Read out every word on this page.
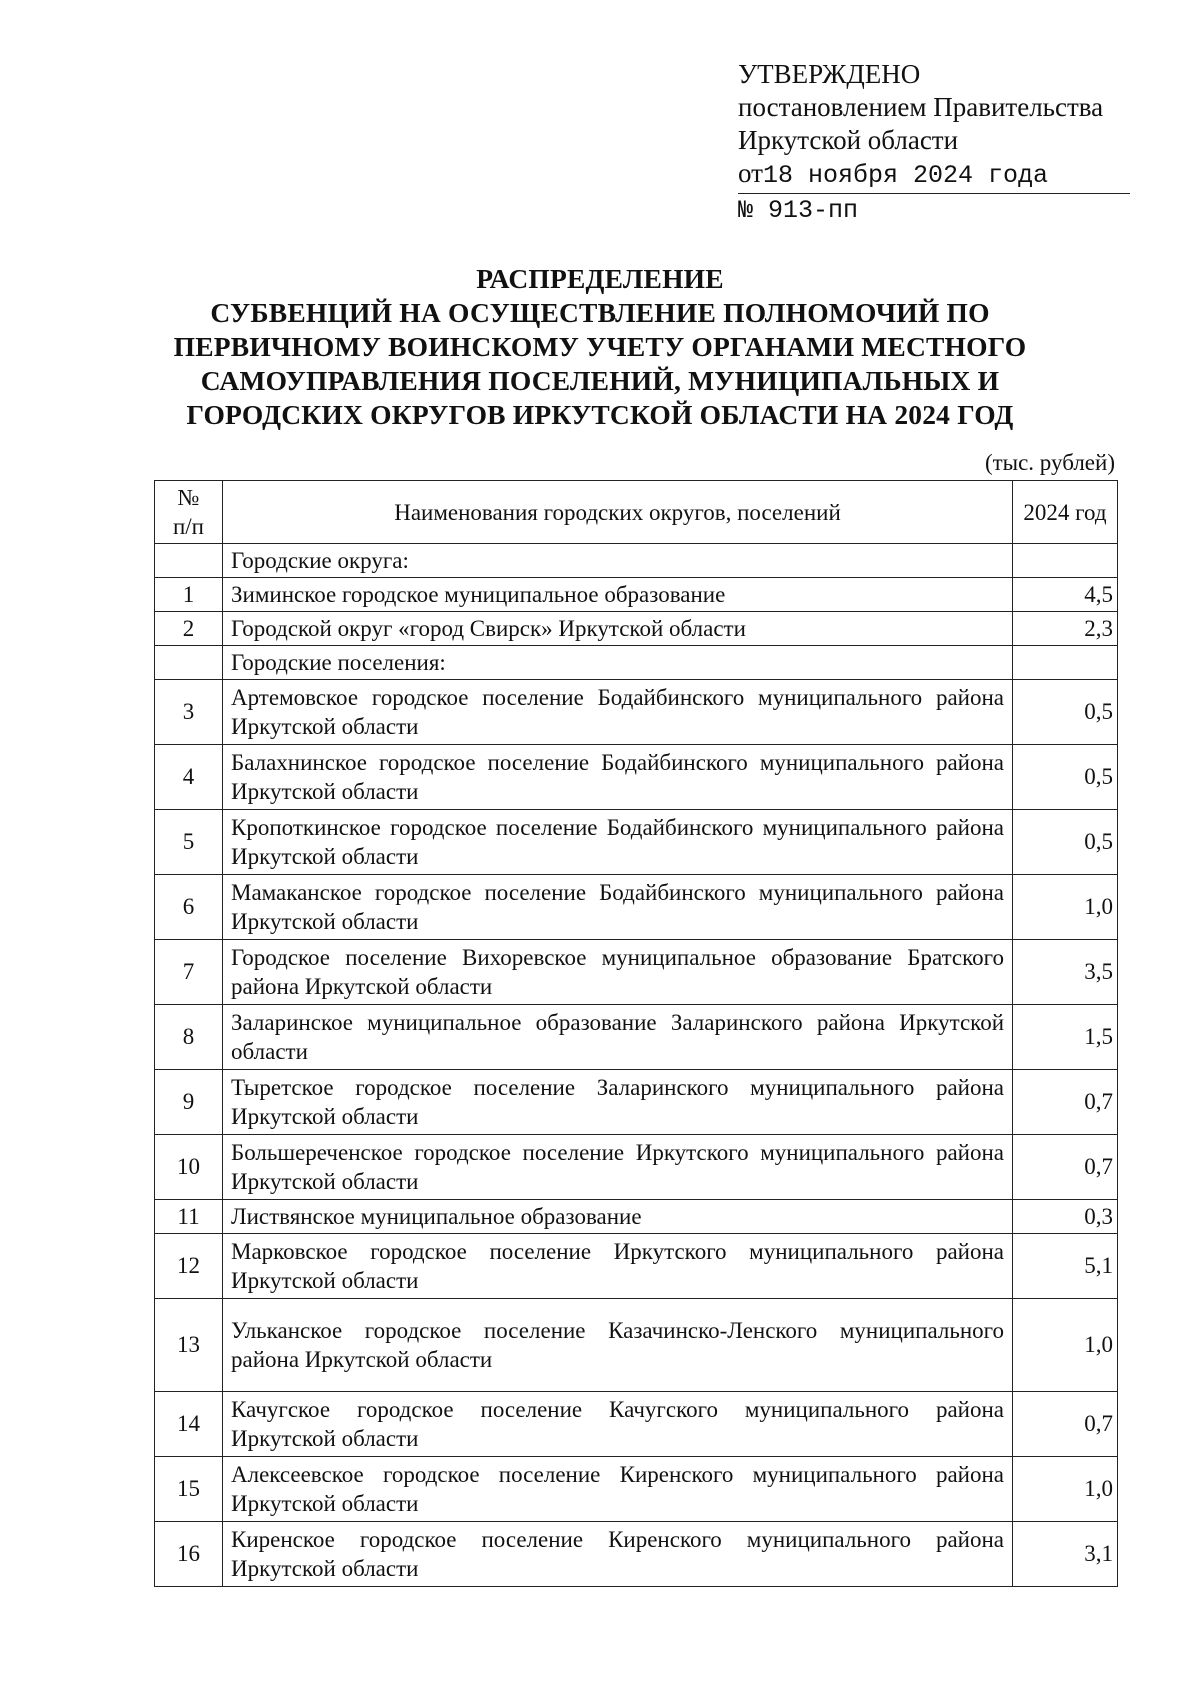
УТВЕРЖДЕНО
постановлением Правительства
Иркутской области
от18 ноября 2024 года
№ 913-пп
РАСПРЕДЕЛЕНИЕ
СУБВЕНЦИЙ НА ОСУЩЕСТВЛЕНИЕ ПОЛНОМОЧИЙ ПО
ПЕРВИЧНОМУ ВОИНСКОМУ УЧЕТУ ОРГАНАМИ МЕСТНОГО
САМОУПРАВЛЕНИЯ ПОСЕЛЕНИЙ, МУНИЦИПАЛЬНЫХ И
ГОРОДСКИХ ОКРУГОВ ИРКУТСКОЙ ОБЛАСТИ НА 2024 ГОД
(тыс. рублей)
№
п/п	Наименования городских округов, поселений	2024 год
	Городские округа:	
1	Зиминское городское муниципальное образование	4,5
2	Городской округ «город Свирск» Иркутской области	2,3
	Городские поселения:	
3	Артемовское городское поселение Бодайбинского муниципального района Иркутской области	0,5
4	Балахнинское городское поселение Бодайбинского муниципального района Иркутской области	0,5
5	Кропоткинское городское поселение Бодайбинского муниципального района Иркутской области	0,5
6	Мамаканское городское поселение Бодайбинского муниципального района Иркутской области	1,0
7	Городское поселение Вихоревское муниципальное образование Братского района Иркутской области	3,5
8	Заларинское муниципальное образование Заларинского района Иркутской области	1,5
9	Тыретское городское поселение Заларинского муниципального района Иркутской области	0,7
10	Большереченское городское поселение Иркутского муниципального района Иркутской области	0,7
11	Листвянское муниципальное образование	0,3
12	Марковское городское поселение Иркутского муниципального района Иркутской области	5,1
13	Ульканское городское поселение Казачинско-Ленского муниципального района Иркутской области	1,0
14	Качугское городское поселение Качугского муниципального района Иркутской области	0,7
15	Алексеевское городское поселение Киренского муниципального района Иркутской области	1,0
16	Киренское городское поселение Киренского муниципального района Иркутской области	3,1
